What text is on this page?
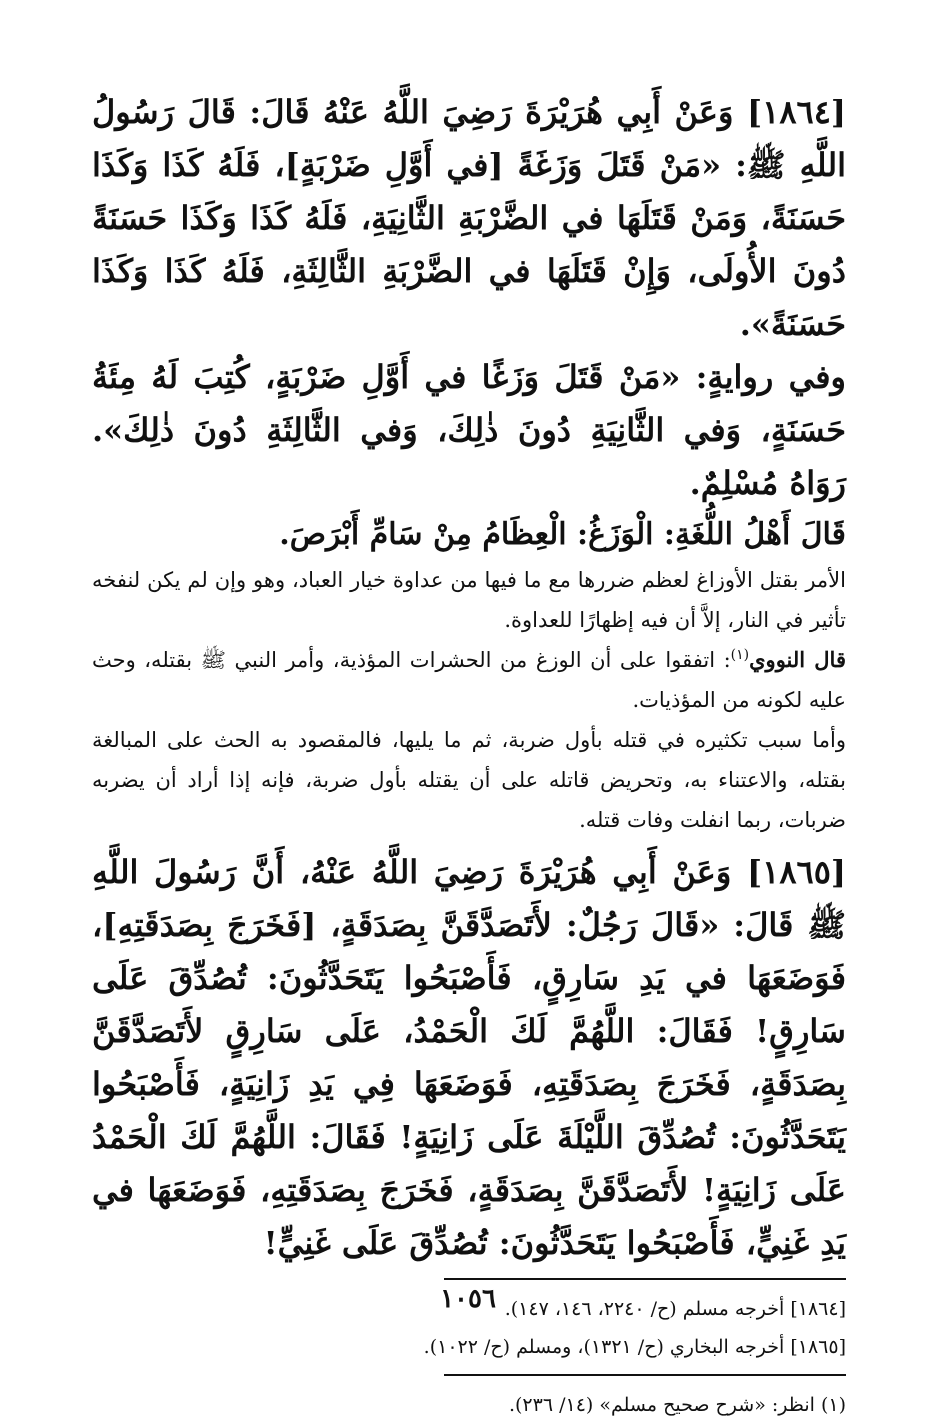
[١٨٦٤] وَعَنْ أَبِي هُرَيْرَةَ رَضِيَ اللَّهُ عَنْهُ قَالَ: قَالَ رَسُولُ اللَّهِ ﷺ: «مَنْ قَتَلَ وَزَغَةً [في أَوَّلِ ضَرْبَةٍ]، فَلَهُ كَذَا وَكَذَا حَسَنَةً، وَمَنْ قَتَلَهَا في الضَّرْبَةِ الثَّانِيَةِ، فَلَهُ كَذَا وَكَذَا حَسَنَةً دُونَ الأُولَى، وَإِنْ قَتَلَهَا في الضَّرْبَةِ الثَّالِثَةِ، فَلَهُ كَذَا وَكَذَا حَسَنَةً».

وفي روايةٍ: «مَنْ قَتَلَ وَزَغًا في أَوَّلِ ضَرْبَةٍ، كُتِبَ لَهُ مِئَةُ حَسَنَةٍ، وَفي الثَّانِيَةِ دُونَ ذٰلِكَ، وَفي الثَّالِثَةِ دُونَ ذٰلِكَ». رَوَاهُ مُسْلِمٌ.

قَالَ أَهْلُ اللُّغَةِ: الْوَزَغُ: الْعِظَامُ مِنْ سَامِّ أَبْرَصَ.

الأمر بقتل الأوزاغ لعظم ضررها مع ما فيها من عداوة خيار العباد، وهو وإن لم يكن لنفخه تأثير في النار، إلاَّ أن فيه إظهارًا للعداوة.

قال النووي$^{(١)}$: اتفقوا على أن الوزغ من الحشرات المؤذية، وأمر النبي ﷺ بقتله، وحث عليه لكونه من المؤذيات.

وأما سبب تكثيره في قتله بأول ضربة، ثم ما يليها، فالمقصود به الحث على المبالغة بقتله، والاعتناء به، وتحريض قاتله على أن يقتله بأول ضربة، فإنه إذا أراد أن يضربه ضربات، ربما انفلت وفات قتله.

[١٨٦٥] وَعَنْ أَبِي هُرَيْرَةَ رَضِيَ اللَّهُ عَنْهُ، أَنَّ رَسُولَ اللَّهِ ﷺ قَالَ: «قَالَ رَجُلٌ: لأَتَصَدَّقَنَّ بِصَدَقَةٍ، [فَخَرَجَ بِصَدَقَتِهِ]، فَوَضَعَهَا في يَدِ سَارِقٍ، فَأَصْبَحُوا يَتَحَدَّثُونَ: تُصُدِّقَ عَلَى سَارِقٍ! فَقَالَ: اللَّهُمَّ لَكَ الْحَمْدُ، عَلَى سَارِقٍ لأَتَصَدَّقَنَّ بِصَدَقَةٍ، فَخَرَجَ بِصَدَقَتِهِ، فَوَضَعَهَا فِي يَدِ زَانِيَةٍ، فَأَصْبَحُوا يَتَحَدَّثُونَ: تُصُدِّقَ اللَّيْلَةَ عَلَى زَانِيَةٍ! فَقَالَ: اللَّهُمَّ لَكَ الْحَمْدُ عَلَى زَانِيَةٍ! لأَتَصَدَّقَنَّ بِصَدَقَةٍ، فَخَرَجَ بِصَدَقَتِهِ، فَوَضَعَهَا في يَدِ غَنِيٍّ، فَأَصْبَحُوا يَتَحَدَّثُونَ: تُصُدِّقَ عَلَى غَنِيٍّ!

[١٨٦٤] أخرجه مسلم (ح/ ٢٢٤٠، ١٤٦، ١٤٧).

[١٨٦٥] أخرجه البخاري (ح/ ١٣٢١)، ومسلم (ح/ ١٠٢٢).

(١) انظر: «شرح صحيح مسلم» (١٤/ ٢٣٦).

١٠٥٦
